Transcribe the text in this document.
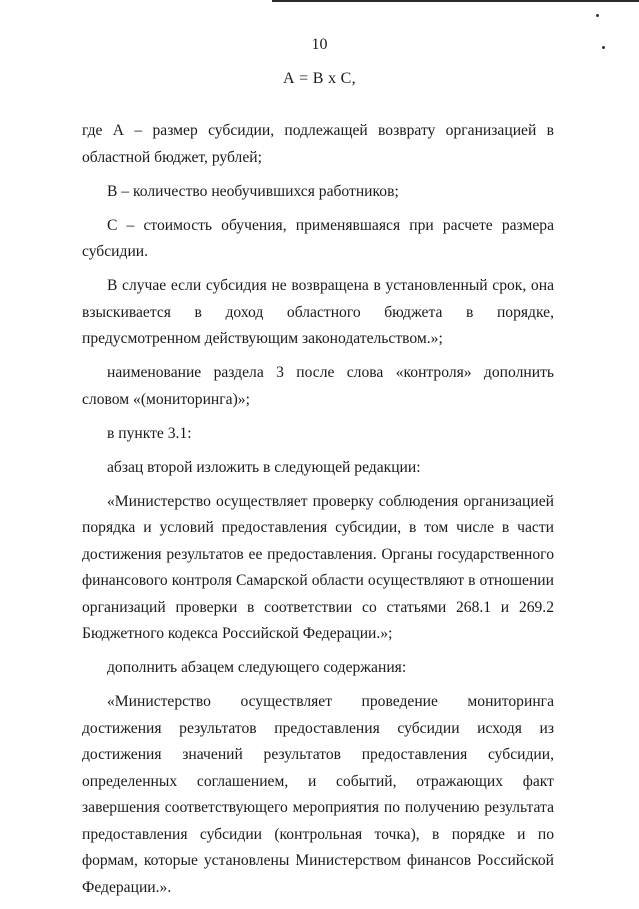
10
А = В х С,

где А – размер субсидии, подлежащей возврату организацией в областной бюджет, рублей;

В – количество необучившихся работников;

С – стоимость обучения, применявшаяся при расчете размера субсидии.

В случае если субсидия не возвращена в установленный срок, она взыскивается в доход областного бюджета в порядке, предусмотренном действующим законодательством.»;

наименование раздела 3 после слова «контроля» дополнить словом «(мониторинга)»;

в пункте 3.1:

абзац второй изложить в следующей редакции:

«Министерство осуществляет проверку соблюдения организацией порядка и условий предоставления субсидии, в том числе в части достижения результатов ее предоставления. Органы государственного финансового контроля Самарской области осуществляют в отношении организаций проверки в соответствии со статьями 268.1 и 269.2 Бюджетного кодекса Российской Федерации.»;

дополнить абзацем следующего содержания:

«Министерство осуществляет проведение мониторинга достижения результатов предоставления субсидии исходя из достижения значений результатов предоставления субсидии, определенных соглашением, и событий, отражающих факт завершения соответствующего мероприятия по получению результата предоставления субсидии (контрольная точка), в порядке и по формам, которые установлены Министерством финансов Российской Федерации.».
